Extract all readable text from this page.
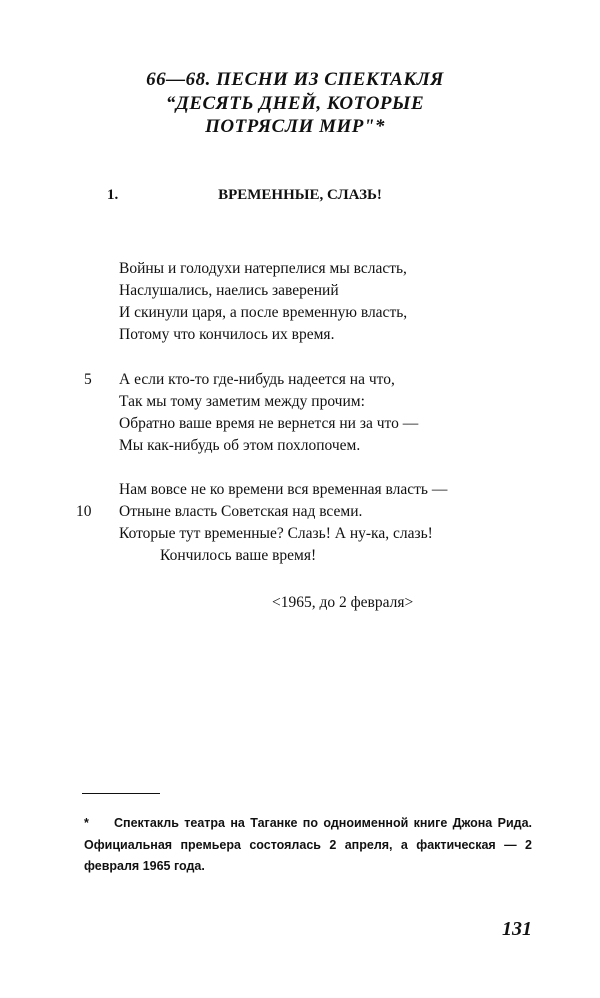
66—68. ПЕСНИ ИЗ СПЕКТАКЛЯ
“ДЕСЯТЬ ДНЕЙ, КОТОРЫЕ
ПОТРЯСЛИ МИР"*
1.	ВРЕМЕННЫЕ, СЛАЗЬ!
Войны и голодухи натерпелися мы всласть,
Наслушались, наелись заверений
И скинули царя, а после временную власть,
Потому что кончилось их время.
5 А если кто-то где-нибудь надеется на что,
Так мы тому заметим между прочим:
Обратно ваше время не вернется ни за что —
Мы как-нибудь об этом похлопочем.
Нам вовсе не ко времени вся временная власть —
10 Отныне власть Советская над всеми.
Которые тут временные? Слазь! А ну-ка, слазь!
Кончилось ваше время!
<1965, до 2 февраля>
* Спектакль театра на Таганке по одноименной книге Джона Рида. Официальная премьера состоялась 2 апреля, а фактическая — 2 февраля 1965 года.
131
